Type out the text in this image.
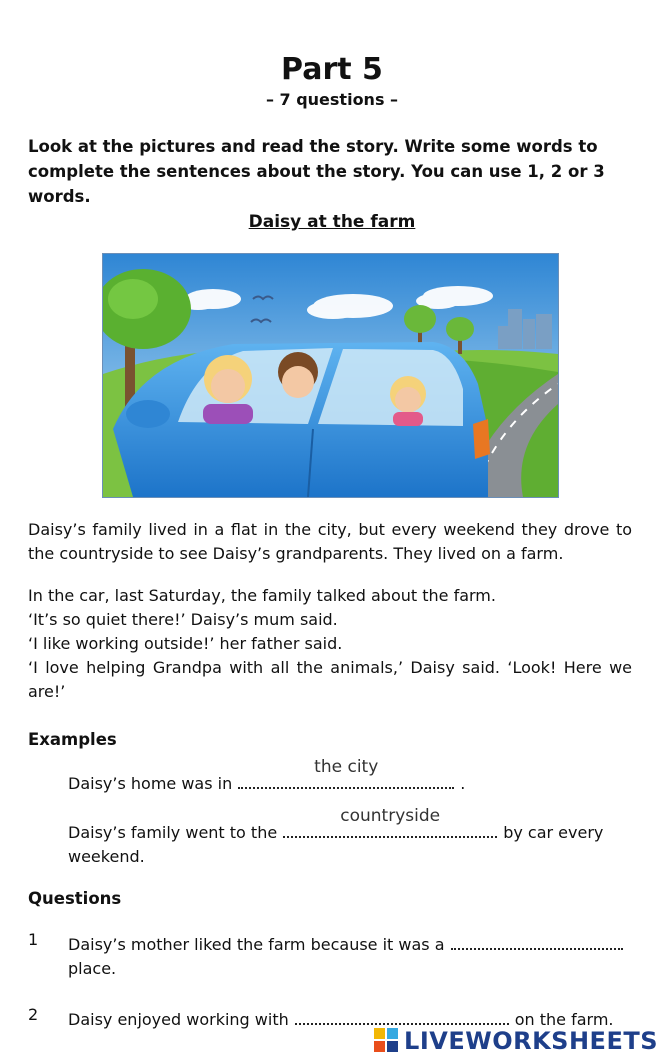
Part 5
– 7 questions –
Look at the pictures and read the story. Write some words to complete the sentences about the story. You can use 1, 2 or 3 words.
Daisy at the farm
Daisy’s family lived in a flat in the city, but every weekend they drove to the countryside to see Daisy’s grandparents. They lived on a farm.
In the car, last Saturday, the family talked about the farm.
‘It’s so quiet there!’ Daisy’s mum said.
‘I like working outside!’ her father said.
‘I love helping Grandpa with all the animals,’ Daisy said. ‘Look! Here we are!’
Examples
Daisy’s home was in
the city
.
Daisy’s family went to the
countryside
by car every weekend.
Questions
1	Daisy’s mother liked the farm because it was a
place.
2	Daisy enjoyed working with	on the farm.
LIVEWORKSHEETS
